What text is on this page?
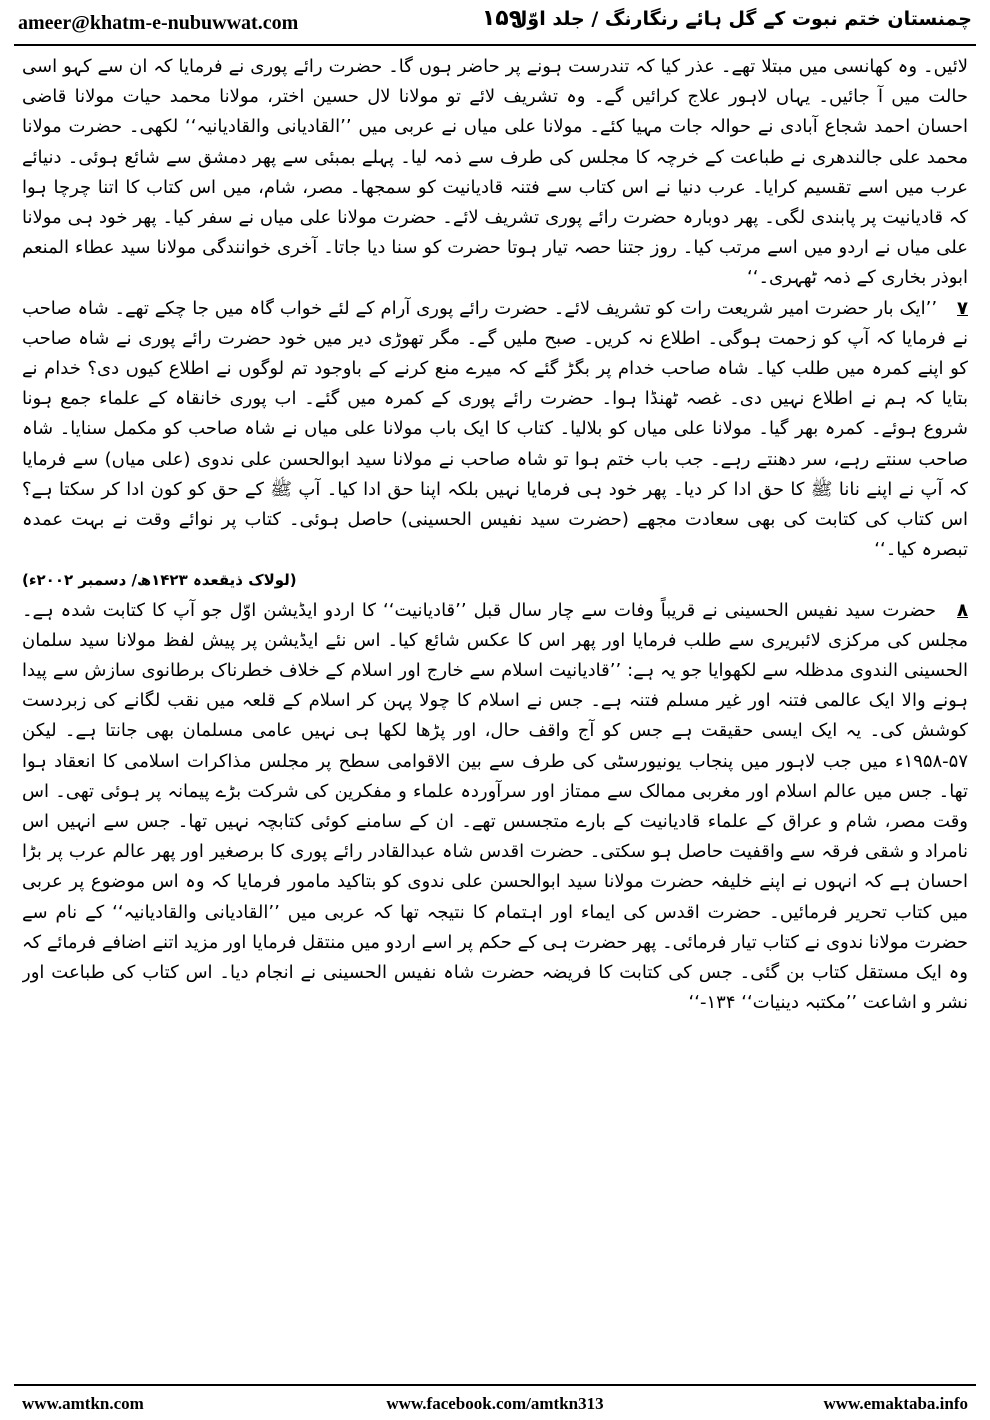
ameer@khatm-e-nubuwwat.com	۱۵۹
چمنستان ختم نبوت کے گل ہائے رنگارنگ / جلد اوّل

لائیں۔ وہ کھانسی میں مبتلا تھے۔ عذر کیا کہ تندرست ہونے پر حاضر ہوں گا۔ حضرت رائے پوری نے فرمایا کہ ان سے کہو اسی حالت میں آ جائیں۔ یہاں لاہور علاج کرائیں گے۔ وہ تشریف لائے تو مولانا لال حسین اختر، مولانا محمد حیات مولانا قاضی احسان احمد شجاع آبادی نے حوالہ جات مہیا کئے۔ مولانا علی میاں نے عربی میں ’’القادیانی والقادیانیہ‘‘ لکھی۔ حضرت مولانا محمد علی جالندھری نے طباعت کے خرچہ کا مجلس کی طرف سے ذمہ لیا۔ پہلے بمبئی سے پھر دمشق سے شائع ہوئی۔ دنیائے عرب میں اسے تقسیم کرایا۔ عرب دنیا نے اس کتاب سے فتنہ قادیانیت کو سمجھا۔ مصر، شام، میں اس کتاب کا اتنا چرچا ہوا کہ قادیانیت پر پابندی لگی۔ پھر دوبارہ حضرت رائے پوری تشریف لائے۔ حضرت مولانا علی میاں نے سفر کیا۔ پھر خود ہی مولانا علی میاں نے اردو میں اسے مرتب کیا۔ روز جتنا حصہ تیار ہوتا حضرت کو سنا دیا جاتا۔ آخری خوانندگی مولانا سید عطاء المنعم ابوذر بخاری کے ذمہ ٹھہری۔‘‘

۷ ’’ایک بار حضرت امیر شریعت رات کو تشریف لائے۔ حضرت رائے پوری آرام کے لئے خواب گاہ میں جا چکے تھے۔ شاہ صاحب نے فرمایا کہ آپ کو زحمت ہوگی۔ اطلاع نہ کریں۔ صبح ملیں گے۔ مگر تھوڑی دیر میں خود حضرت رائے پوری نے شاہ صاحب کو اپنے کمرہ میں طلب کیا۔ شاہ صاحب خدام پر بگڑ گئے کہ میرے منع کرنے کے باوجود تم لوگوں نے اطلاع کیوں دی؟ خدام نے بتایا کہ ہم نے اطلاع نہیں دی۔ غصہ ٹھنڈا ہوا۔ حضرت رائے پوری کے کمرہ میں گئے۔ اب پوری خانقاہ کے علماء جمع ہونا شروع ہوئے۔ کمرہ بھر گیا۔ مولانا علی میاں کو بلالیا۔ کتاب کا ایک باب مولانا علی میاں نے شاہ صاحب کو مکمل سنایا۔ شاہ صاحب سنتے رہے، سر دھنتے رہے۔ جب باب ختم ہوا تو شاہ صاحب نے مولانا سید ابوالحسن علی ندوی (علی میاں) سے فرمایا کہ آپ نے اپنے نانا ﷺ کا حق ادا کر دیا۔ پھر خود ہی فرمایا نہیں بلکہ اپنا حق ادا کیا۔ آپ ﷺ کے حق کو کون ادا کر سکتا ہے؟ اس کتاب کی کتابت کی بھی سعادت مجھے (حضرت سید نفیس الحسینی) حاصل ہوئی۔ کتاب پر نوائے وقت نے بہت عمدہ تبصرہ کیا۔‘‘

(لولاک ذیقعدہ ۱۴۲۳ھ/ دسمبر ۲۰۰۲ء)

۸ حضرت سید نفیس الحسینی نے قریباً وفات سے چار سال قبل ’’قادیانیت‘‘ کا اردو ایڈیشن اوّل جو آپ کا کتابت شدہ ہے۔ مجلس کی مرکزی لائبریری سے طلب فرمایا اور پھر اس کا عکس شائع کیا۔ اس نئے ایڈیشن پر پیش لفظ مولانا سید سلمان الحسینی الندوی مدظلہ سے لکھوایا جو یہ ہے: ’’قادیانیت اسلام سے خارج اور اسلام کے خلاف خطرناک برطانوی سازش سے پیدا ہونے والا ایک عالمی فتنہ اور غیر مسلم فتنہ ہے۔ جس نے اسلام کا چولا پہن کر اسلام کے قلعہ میں نقب لگانے کی زبردست کوشش کی۔ یہ ایک ایسی حقیقت ہے جس کو آج واقف حال، اور پڑھا لکھا ہی نہیں عامی مسلمان بھی جانتا ہے۔ لیکن ۵۷-۱۹۵۸ء میں جب لاہور میں پنجاب یونیورسٹی کی طرف سے بین الاقوامی سطح پر مجلس مذاکرات اسلامی کا انعقاد ہوا تھا۔ جس میں عالم اسلام اور مغربی ممالک سے ممتاز اور سرآوردہ علماء و مفکرین کی شرکت بڑے پیمانہ پر ہوئی تھی۔ اس وقت مصر، شام و عراق کے علماء قادیانیت کے بارے متجسس تھے۔ ان کے سامنے کوئی کتابچہ نہیں تھا۔ جس سے انہیں اس نامراد و شقی فرقہ سے واقفیت حاصل ہو سکتی۔ حضرت اقدس شاہ عبدالقادر رائے پوری کا برصغیر اور پھر عالم عرب پر بڑا احسان ہے کہ انہوں نے اپنے خلیفہ حضرت مولانا سید ابوالحسن علی ندوی کو بتاکید مامور فرمایا کہ وہ اس موضوع پر عربی میں کتاب تحریر فرمائیں۔ حضرت اقدس کی ایماء اور اہتمام کا نتیجہ تھا کہ عربی میں ’’القادیانی والقادیانیہ‘‘ کے نام سے حضرت مولانا ندوی نے کتاب تیار فرمائی۔ پھر حضرت ہی کے حکم پر اسے اردو میں منتقل فرمایا اور مزید اتنے اضافے فرمائے کہ وہ ایک مستقل کتاب بن گئی۔ جس کی کتابت کا فریضہ حضرت شاہ نفیس الحسینی نے انجام دیا۔ اس کتاب کی طباعت اور نشر و اشاعت ’’مکتبہ دینیات‘‘ ۱۳۴-‘‘

www.amtkn.com	www.facebook.com/amtkn313	www.emaktaba.info
